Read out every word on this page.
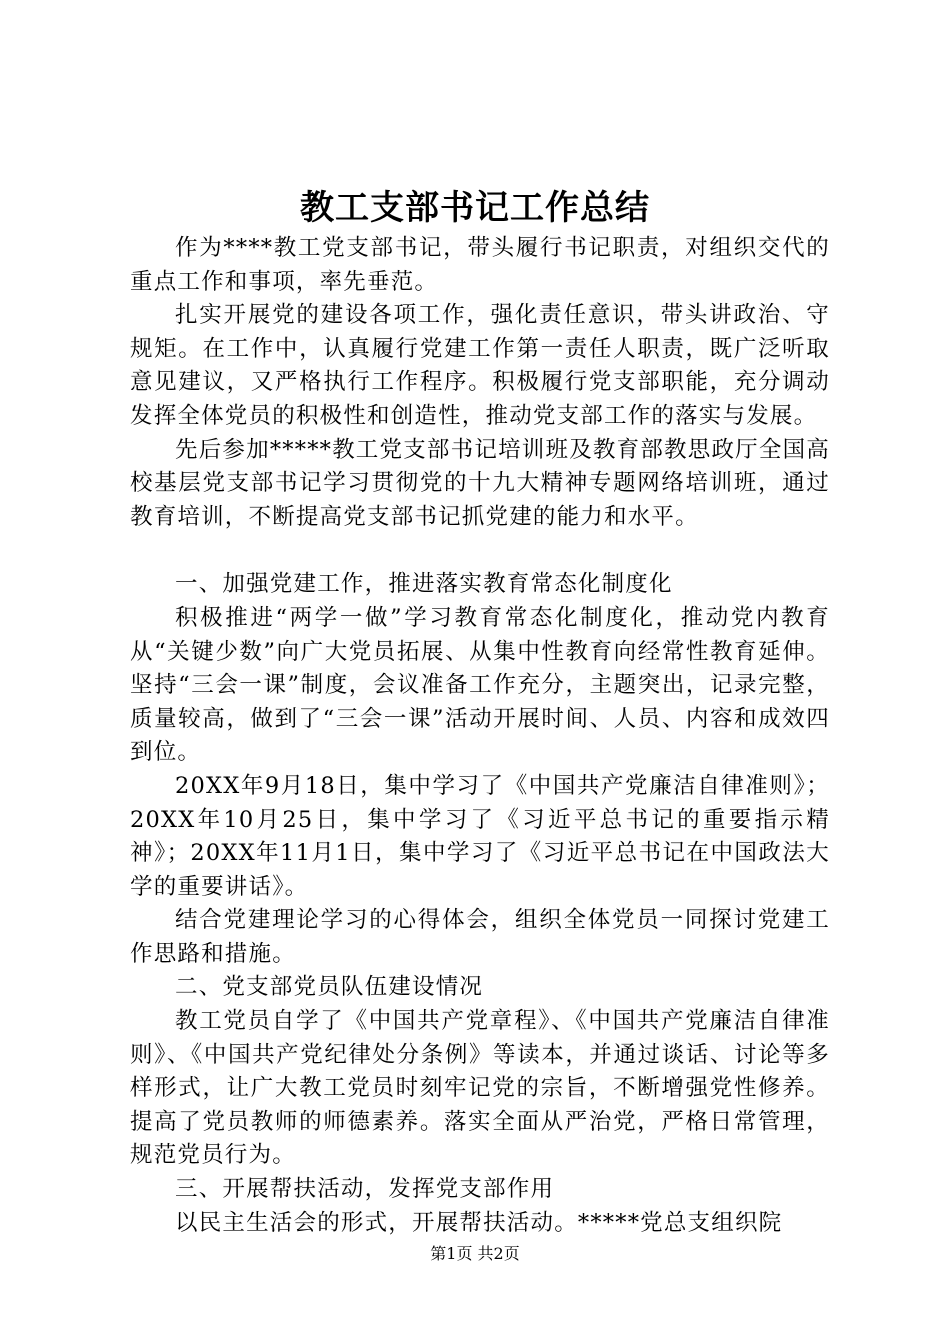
教工支部书记工作总结

作为****教工党支部书记，带头履行书记职责，对组织交代的重点工作和事项，率先垂范。

扎实开展党的建设各项工作，强化责任意识，带头讲政治、守规矩。在工作中，认真履行党建工作第一责任人职责，既广泛听取意见建议，又严格执行工作程序。积极履行党支部职能，充分调动发挥全体党员的积极性和创造性，推动党支部工作的落实与发展。

先后参加*****教工党支部书记培训班及教育部教思政厅全国高校基层党支部书记学习贯彻党的十九大精神专题网络培训班，通过教育培训，不断提高党支部书记抓党建的能力和水平。

一、加强党建工作，推进落实教育常态化制度化

积极推进“两学一做”学习教育常态化制度化，推动党内教育从“关键少数”向广大党员拓展、从集中性教育向经常性教育延伸。坚持“三会一课”制度，会议准备工作充分，主题突出，记录完整，质量较高，做到了“三会一课”活动开展时间、人员、内容和成效四到位。

20XX年9月18日，集中学习了《中国共产党廉洁自律准则》；20XX年10月25日，集中学习了《习近平总书记的重要指示精神》；20XX年11月1日，集中学习了《习近平总书记在中国政法大学的重要讲话》。

结合党建理论学习的心得体会，组织全体党员一同探讨党建工作思路和措施。

二、党支部党员队伍建设情况

教工党员自学了《中国共产党章程》、《中国共产党廉洁自律准则》、《中国共产党纪律处分条例》等读本，并通过谈话、讨论等多样形式，让广大教工党员时刻牢记党的宗旨，不断增强党性修养。提高了党员教师的师德素养。落实全面从严治党，严格日常管理，规范党员行为。

三、开展帮扶活动，发挥党支部作用

以民主生活会的形式，开展帮扶活动。*****党总支组织院

第1页 共2页
